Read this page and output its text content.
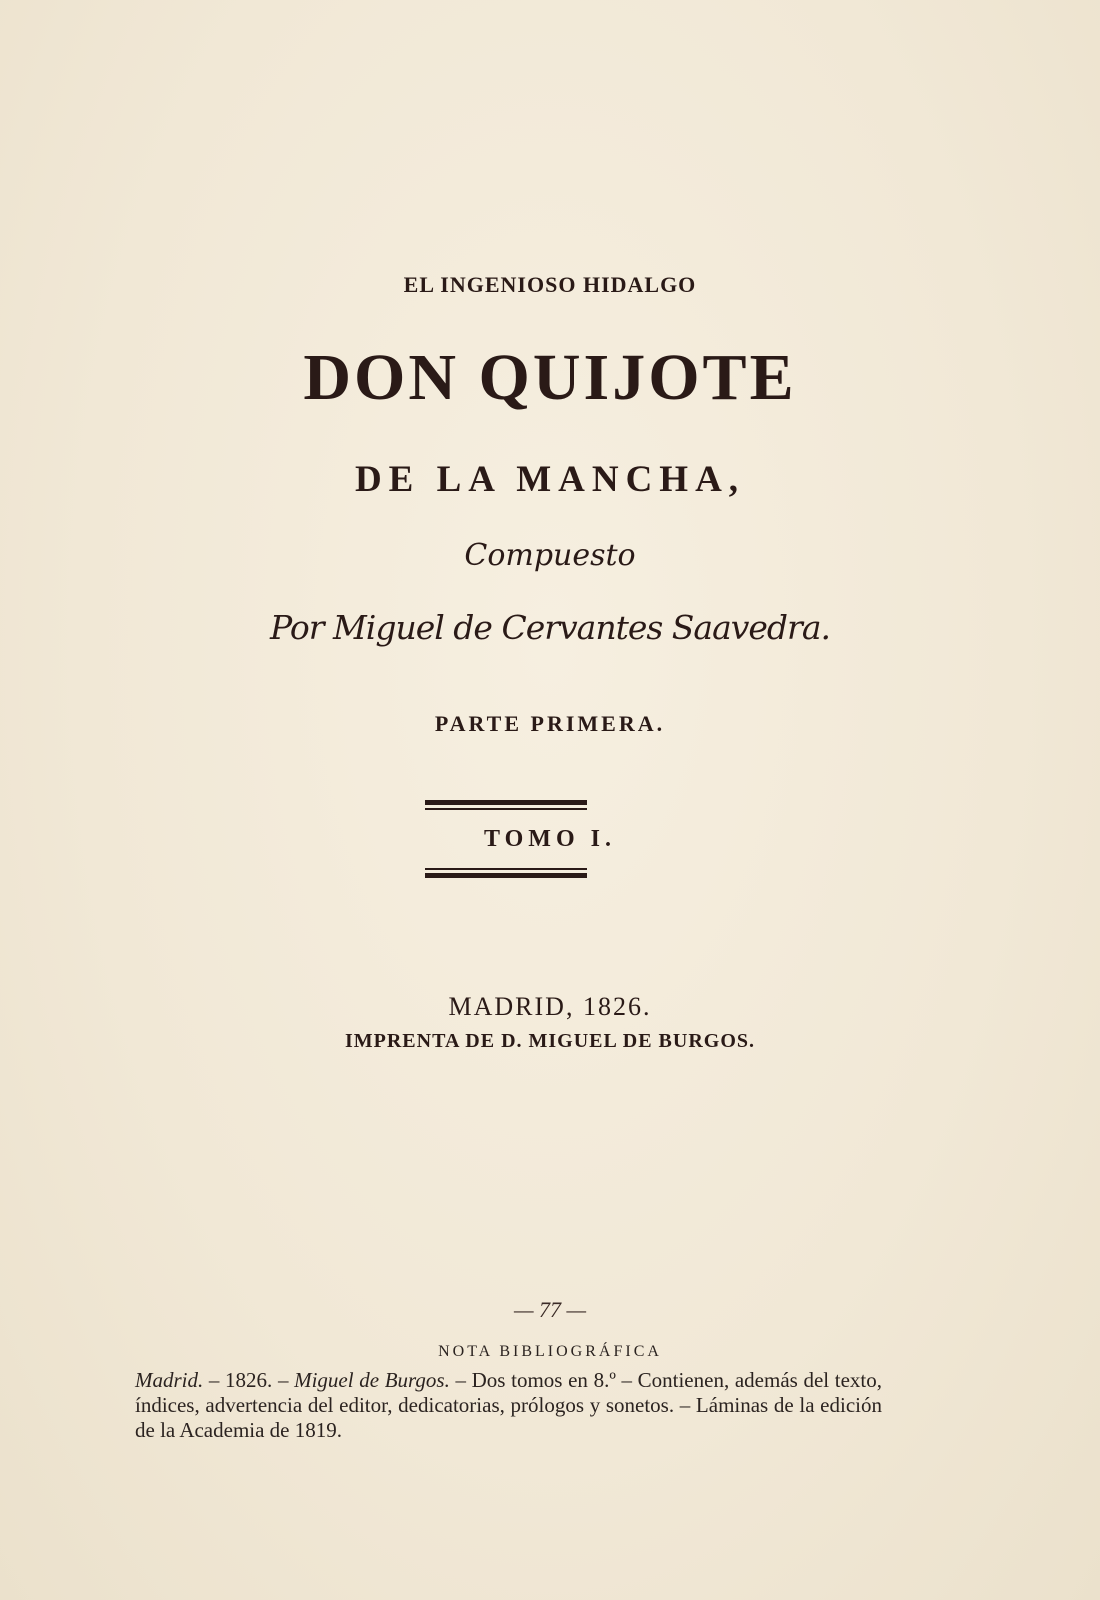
EL INGENIOSO HIDALGO
DON QUIJOTE
DE LA MANCHA,
Compuesto
Por Miguel de Cervantes Saavedra.
PARTE PRIMERA.
TOMO I.
MADRID, 1826.
IMPRENTA DE D. MIGUEL DE BURGOS.
— 77 —
NOTA BIBLIOGRÁFICA
Madrid. – 1826. – Miguel de Burgos. – Dos tomos en 8.º – Contienen, además del texto, índices, advertencia del editor, dedicatorias, prólogos y sonetos. – Láminas de la edición de la Academia de 1819.
